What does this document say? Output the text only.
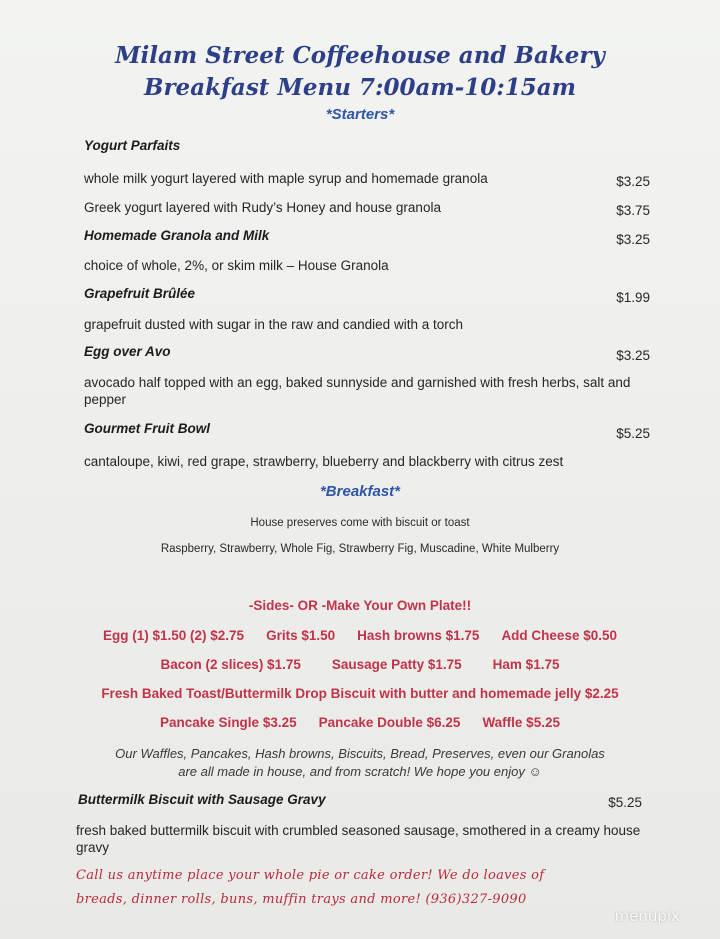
Milam Street Coffeehouse and Bakery
Breakfast Menu 7:00am-10:15am
*Starters*
Yogurt Parfaits
whole milk yogurt layered with maple syrup and homemade granola	$3.25
Greek yogurt layered with Rudy’s Honey and house granola	$3.75
Homemade Granola and Milk	$3.25
choice of whole, 2%, or skim milk – House Granola
Grapefruit Brûlée	$1.99
grapefruit dusted with sugar in the raw and candied with a torch
Egg over Avo	$3.25
avocado half topped with an egg, baked sunnyside and garnished with fresh herbs, salt and pepper
Gourmet Fruit Bowl	$5.25
cantaloupe, kiwi, red grape, strawberry, blueberry and blackberry with citrus zest
*Breakfast*
House preserves come with biscuit or toast
Raspberry, Strawberry, Whole Fig, Strawberry Fig, Muscadine, White Mulberry
-Sides- OR -Make Your Own Plate!!
Egg (1) $1.50 (2) $2.75 Grits $1.50 Hash browns $1.75 Add Cheese $0.50
Bacon (2 slices) $1.75 Sausage Patty $1.75 Ham $1.75
Fresh Baked Toast/Buttermilk Drop Biscuit with butter and homemade jelly $2.25
Pancake Single $3.25 Pancake Double $6.25 Waffle $5.25
Our Waffles, Pancakes, Hash browns, Biscuits, Bread, Preserves, even our Granolas
are all made in house, and from scratch! We hope you enjoy ☺
Buttermilk Biscuit with Sausage Gravy	$5.25
fresh baked buttermilk biscuit with crumbled seasoned sausage, smothered in a creamy house gravy
Call us anytime place your whole pie or cake order! We do loaves of
breads, dinner rolls, buns, muffin trays and more! (936)327-9090
menupix
